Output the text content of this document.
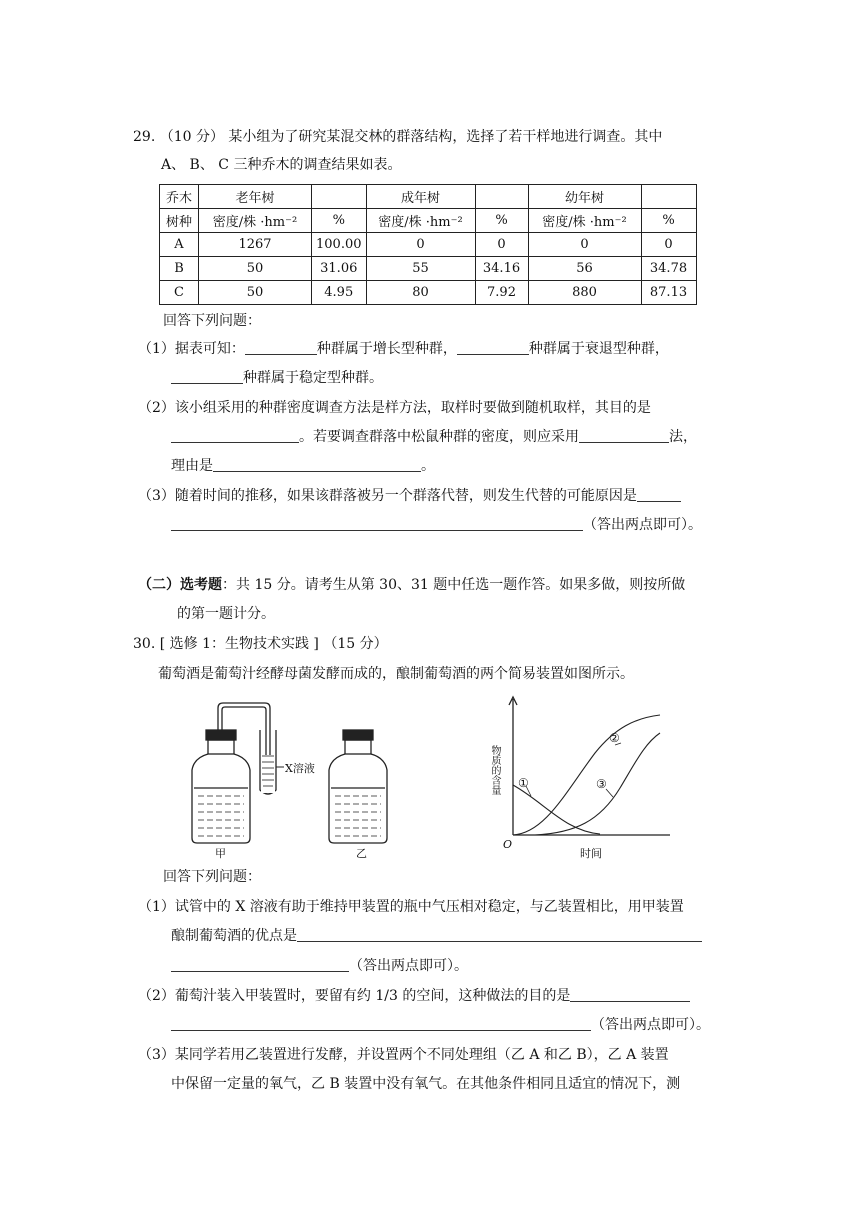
29. （10 分） 某小组为了研究某混交林的群落结构，选择了若干样地进行调查。其中
A、 B、 C 三种乔木的调查结果如表。
乔木	老年树		成年树		幼年树	
树种	密度/株 ·hm⁻²	%	密度/株 ·hm⁻²	%	密度/株 ·hm⁻²	%
A	1267	100.00	0	0	0	0
B	50	31.06	55	34.16	56	34.78
C	50	4.95	80	7.92	880	87.13
回答下列问题：
（1）据表可知：	种群属于增长型种群，	种群属于衰退型种群，
种群属于稳定型种群。
（2）该小组采用的种群密度调查方法是样方法，取样时要做到随机取样，其目的是
。若要调查群落中松鼠种群的密度，则应采用	法，
理由是	。
（3）随着时间的推移，如果该群落被另一个群落代替，则发生代替的可能原因是
（答出两点即可）。
（二）选考题：共 15 分。请考生从第 30、31 题中任选一题作答。如果多做，则按所做
的第一题计分。
30. [ 选修 1：生物技术实践 ] （15 分）
葡萄酒是葡萄汁经酵母菌发酵而成的，酿制葡萄酒的两个简易装置如图所示。
X溶液
甲	乙
物质的含量
时间
O
①
②
③
回答下列问题：
（1）试管中的 X 溶液有助于维持甲装置的瓶中气压相对稳定，与乙装置相比，用甲装置
酿制葡萄酒的优点是
（答出两点即可）。
（2）葡萄汁装入甲装置时，要留有约 1/3 的空间，这种做法的目的是
（答出两点即可）。
（3）某同学若用乙装置进行发酵，并设置两个不同处理组（乙 A 和乙 B），乙 A 装置
中保留一定量的氧气，乙 B 装置中没有氧气。在其他条件相同且适宜的情况下，测
